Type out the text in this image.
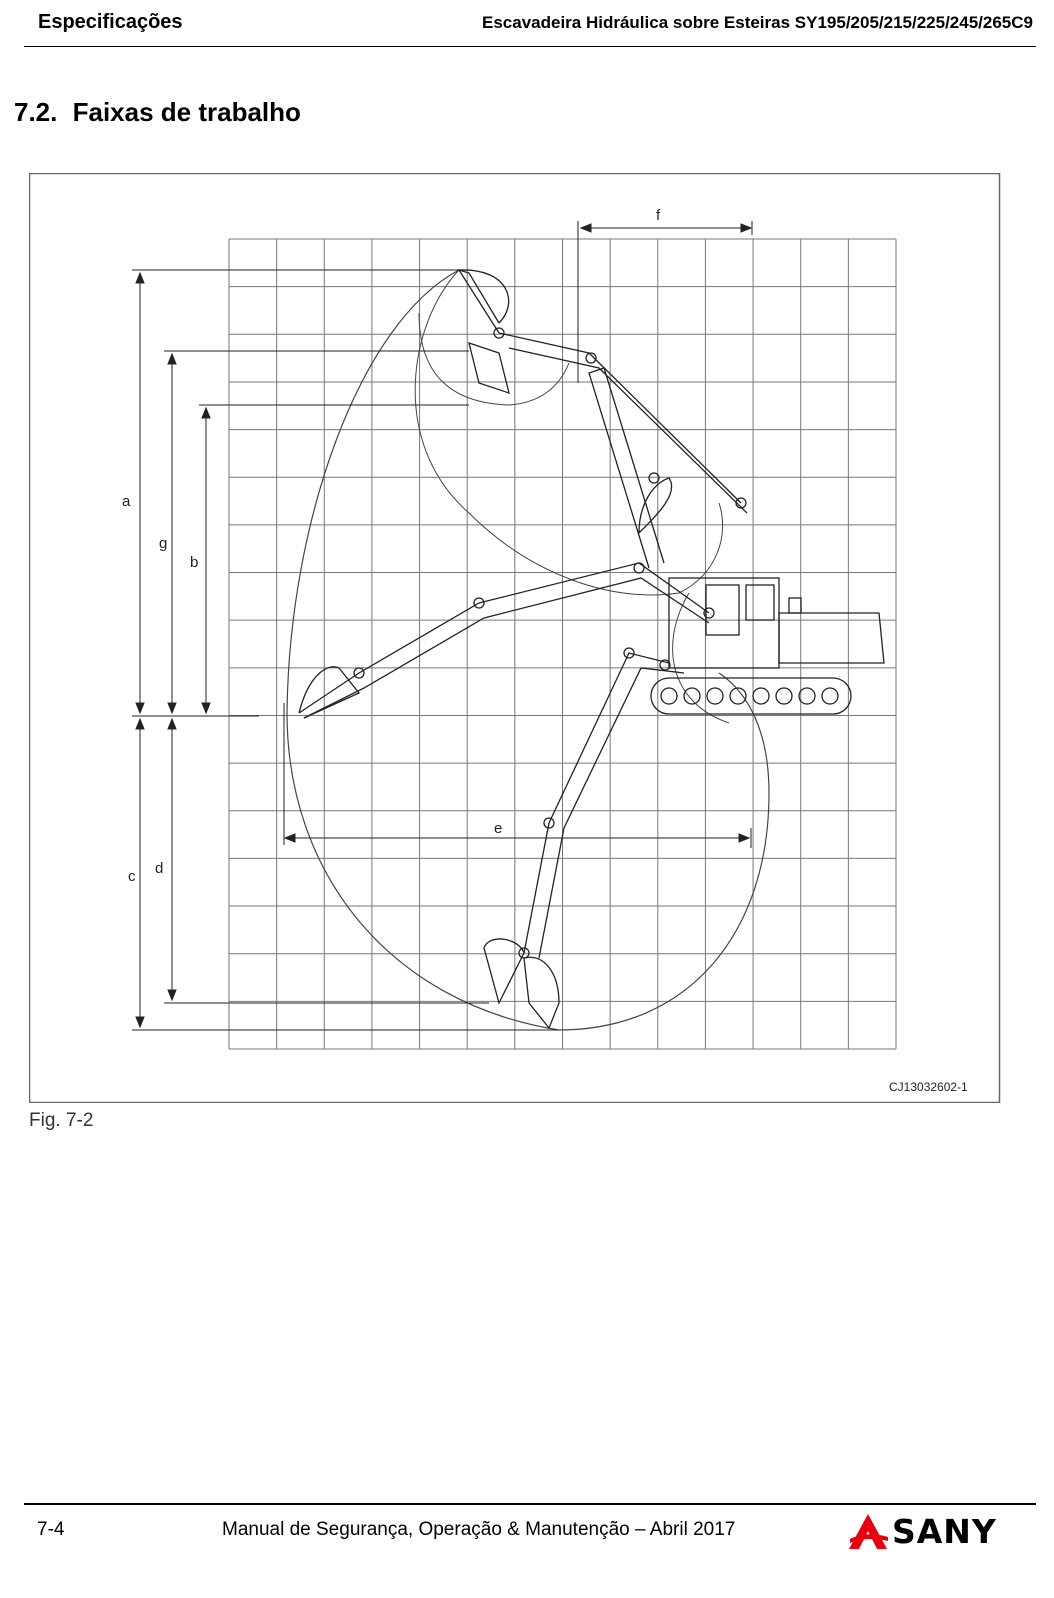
Especificações	Escavadeira Hidráulica sobre Esteiras SY195/205/215/225/245/265C9
7.2. Faixas de trabalho
a
g
b
c d
e
f
CJ13032602-1
Fig. 7-2
7-4	Manual de Segurança, Operação & Manutenção – Abril 2017	SANY
